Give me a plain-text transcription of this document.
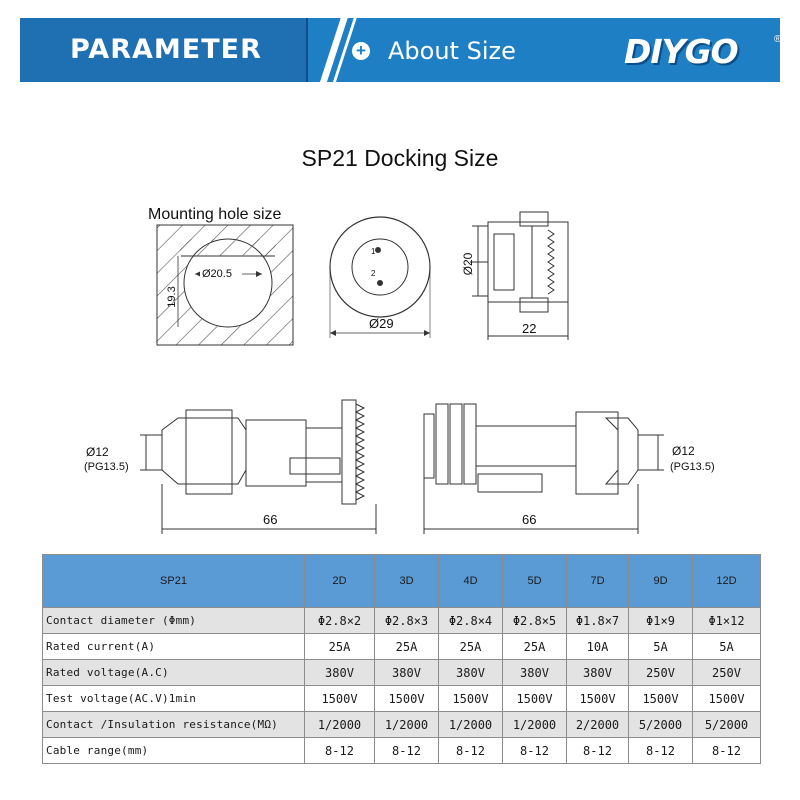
PARAMETER	+ About Size	DIYGO	®
SP21 Docking Size
Mounting hole size
Ø20.5
19.3
1
2
Ø29
Ø20
22
Ø12
(PG13.5)
66
Ø12
(PG13.5)
66
SP21	2D	3D	4D	5D	7D	9D	12D
Contact diameter (Φmm)	Φ2.8×2	Φ2.8×3	Φ2.8×4	Φ2.8×5	Φ1.8×7	Φ1×9	Φ1×12
Rated current(A)	25A	25A	25A	25A	10A	5A	5A
Rated voltage(A.C)	380V	380V	380V	380V	380V	250V	250V
Test voltage(AC.V)1min	1500V	1500V	1500V	1500V	1500V	1500V	1500V
Contact /Insulation resistance(MΩ)	1/2000	1/2000	1/2000	1/2000	2/2000	5/2000	5/2000
Cable range(mm)	8-12	8-12	8-12	8-12	8-12	8-12	8-12
